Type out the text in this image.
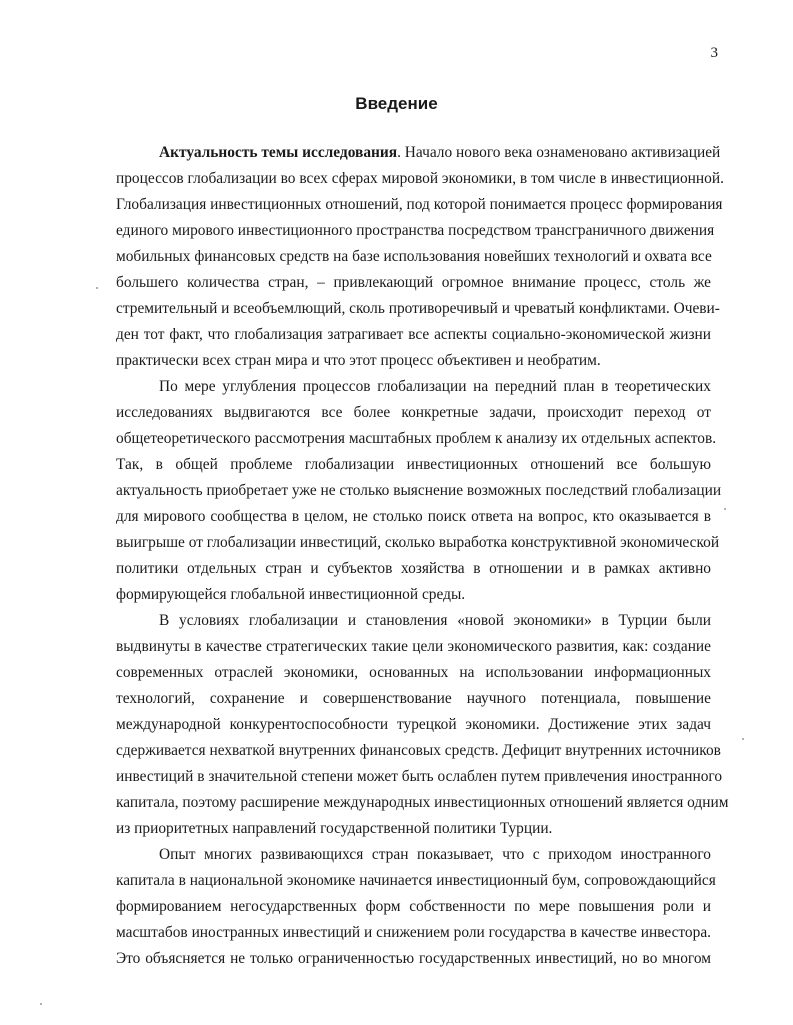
3
Введение
Актуальность темы исследования. Начало нового века ознаменовано активизацией
процессов глобализации во всех сферах мировой экономики, в том числе в инвестиционной.
Глобализация инвестиционных отношений, под которой понимается процесс формирования
единого мирового инвестиционного пространства посредством трансграничного движения
мобильных финансовых средств на базе использования новейших технологий и охвата все
большего количества стран, – привлекающий огромное внимание процесс, столь же
стремительный и всеобъемлющий, сколь противоречивый и чреватый конфликтами. Очеви-
ден тот факт, что глобализация затрагивает все аспекты социально-экономической жизни
практически всех стран мира и что этот процесс объективен и необратим.
По мере углубления процессов глобализации на передний план в теоретических
исследованиях выдвигаются все более конкретные задачи, происходит переход от
общетеоретического рассмотрения масштабных проблем к анализу их отдельных аспектов.
Так, в общей проблеме глобализации инвестиционных отношений все большую
актуальность приобретает уже не столько выяснение возможных последствий глобализации
для мирового сообщества в целом, не столько поиск ответа на вопрос, кто оказывается в
выигрыше от глобализации инвестиций, сколько выработка конструктивной экономической
политики отдельных стран и субъектов хозяйства в отношении и в рамках активно
формирующейся глобальной инвестиционной среды.
В условиях глобализации и становления «новой экономики» в Турции были
выдвинуты в качестве стратегических такие цели экономического развития, как: создание
современных отраслей экономики, основанных на использовании информационных
технологий, сохранение и совершенствование научного потенциала, повышение
международной конкурентоспособности турецкой экономики. Достижение этих задач
сдерживается нехваткой внутренних финансовых средств. Дефицит внутренних источников
инвестиций в значительной степени может быть ослаблен путем привлечения иностранного
капитала, поэтому расширение международных инвестиционных отношений является одним
из приоритетных направлений государственной политики Турции.
Опыт многих развивающихся стран показывает, что с приходом иностранного
капитала в национальной экономике начинается инвестиционный бум, сопровождающийся
формированием негосударственных форм собственности по мере повышения роли и
масштабов иностранных инвестиций и снижением роли государства в качестве инвестора.
Это объясняется не только ограниченностью государственных инвестиций, но во многом
